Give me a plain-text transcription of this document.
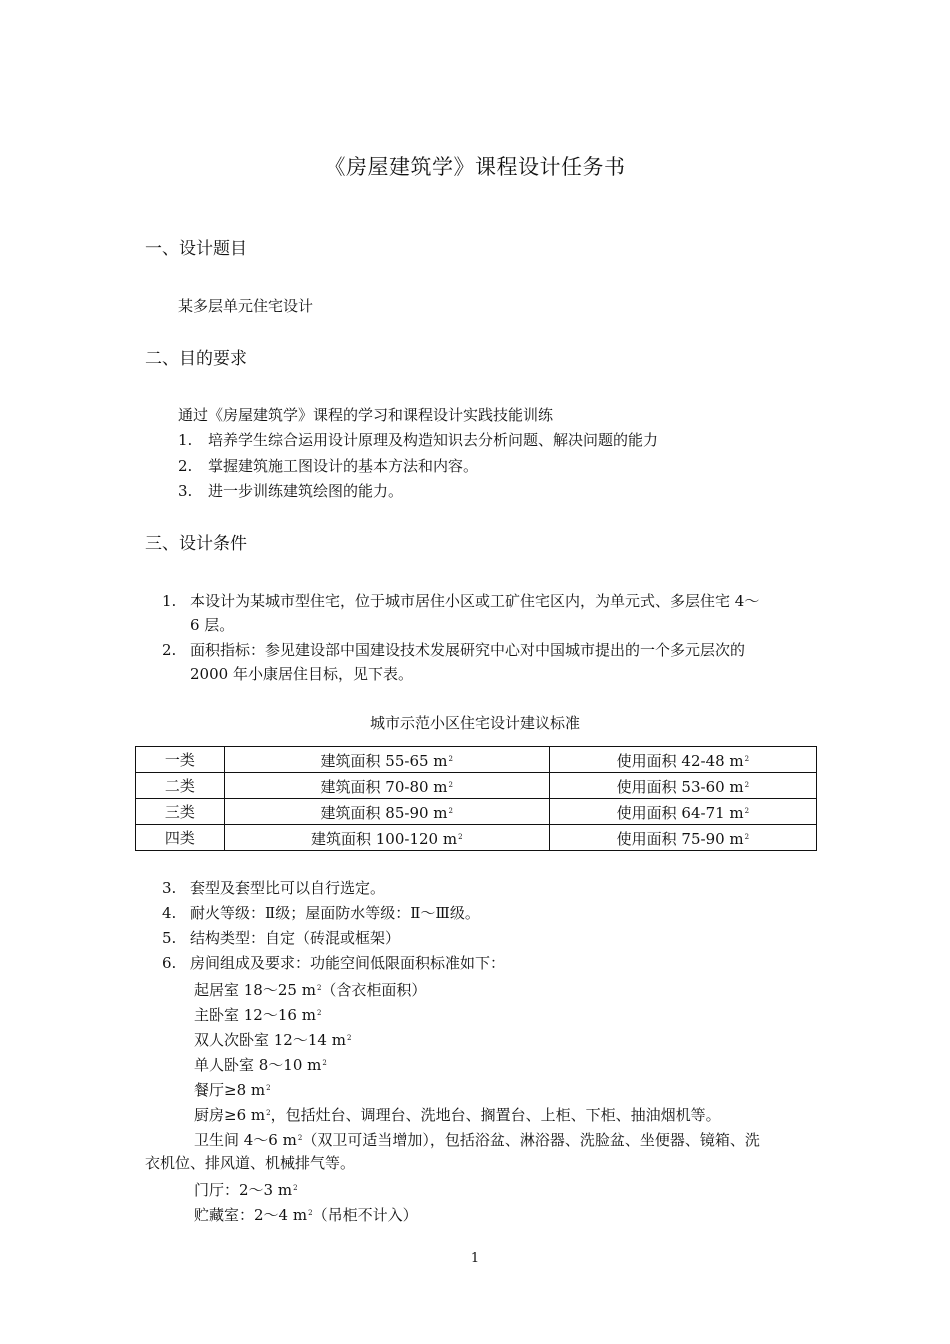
《房屋建筑学》课程设计任务书
一、设计题目
某多层单元住宅设计
二、目的要求
通过《房屋建筑学》课程的学习和课程设计实践技能训练
1. 培养学生综合运用设计原理及构造知识去分析问题、解决问题的能力
2. 掌握建筑施工图设计的基本方法和内容。
3. 进一步训练建筑绘图的能力。
三、设计条件
1. 本设计为某城市型住宅，位于城市居住小区或工矿住宅区内，为单元式、多层住宅 4～
6 层。
2. 面积指标：参见建设部中国建设技术发展研究中心对中国城市提出的一个多元层次的
2000 年小康居住目标，见下表。
城市示范小区住宅设计建议标准
一类	建筑面积 55-65 $m^2$	使用面积 42-48 $m^2$
二类	建筑面积 70-80 $m^2$	使用面积 53-60 $m^2$
三类	建筑面积 85-90 $m^2$	使用面积 64-71 $m^2$
四类	建筑面积 100-120 $m^2$	使用面积 75-90 $m^2$
3. 套型及套型比可以自行选定。
4. 耐火等级：Ⅱ级；屋面防水等级：Ⅱ～Ⅲ级。
5. 结构类型：自定（砖混或框架）
6. 房间组成及要求：功能空间低限面积标准如下：
起居室 18～25 $m^2$（含衣柜面积）
主卧室 12～16 $m^2$
双人次卧室 12～14 $m^2$
单人卧室 8～10 $m^2$
餐厅≥8 $m^2$
厨房≥6 $m^2$，包括灶台、调理台、洗地台、搁置台、上柜、下柜、抽油烟机等。
卫生间 4～6 $m^2$（双卫可适当增加），包括浴盆、淋浴器、洗脸盆、坐便器、镜箱、洗
衣机位、排风道、机械排气等。
门厅：2～3 $m^2$
贮藏室：2～4 $m^2$（吊柜不计入）
1
